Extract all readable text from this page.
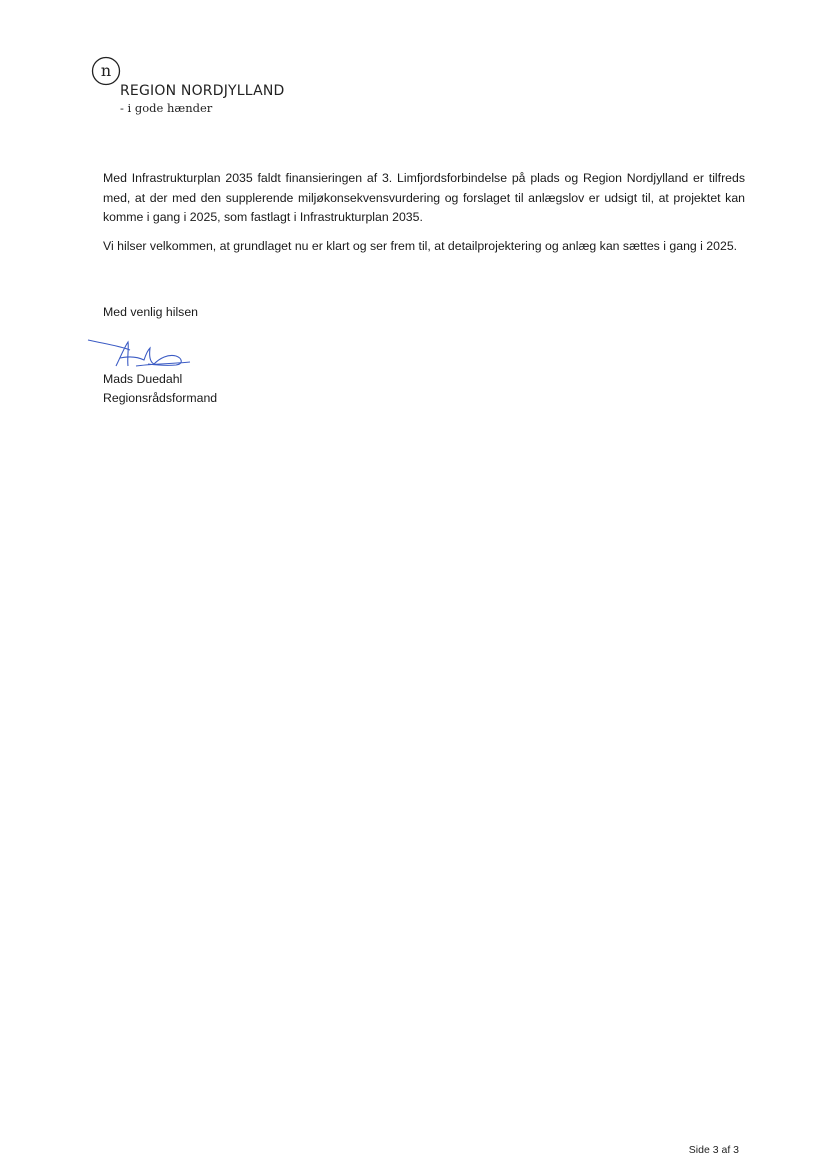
n
REGION NORDJYLLAND
- i gode hænder

Med Infrastrukturplan 2035 faldt finansieringen af 3. Limfjordsforbindelse på plads og Region Nordjylland er tilfreds med, at der med den supplerende miljøkonsekvensvurdering og forslaget til anlægslov er udsigt til, at projektet kan komme i gang i 2025, som fastlagt i Infrastrukturplan 2035.

Vi hilser velkommen, at grundlaget nu er klart og ser frem til, at detailprojektering og anlæg kan sættes i gang i 2025.

Med venlig hilsen
Mads Duedahl
Regionsrådsformand
Side 3 af 3
